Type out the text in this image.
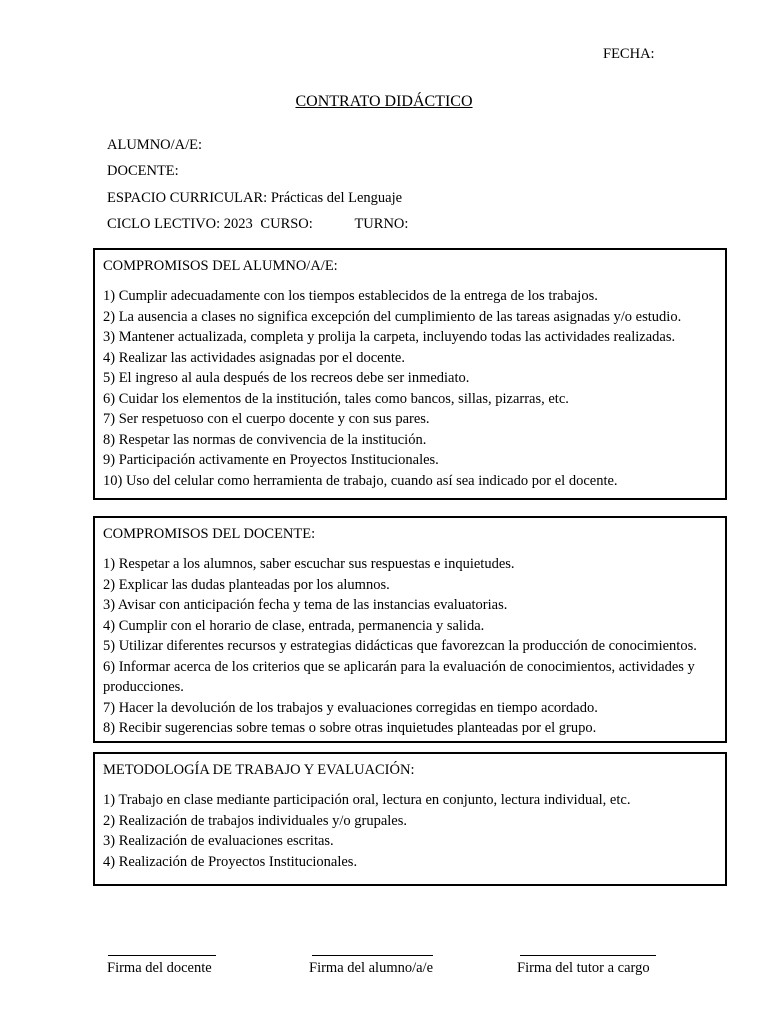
FECHA:
CONTRATO DIDÁCTICO
ALUMNO/A/E:
DOCENTE:
ESPACIO CURRICULAR: Prácticas del Lenguaje
CICLO LECTIVO: 2023 CURSO:	TURNO:
COMPROMISOS DEL ALUMNO/A/E:
1) Cumplir adecuadamente con los tiempos establecidos de la entrega de los trabajos.
2) La ausencia a clases no significa excepción del cumplimiento de las tareas asignadas y/o estudio.
3) Mantener actualizada, completa y prolija la carpeta, incluyendo todas las actividades realizadas.
4) Realizar las actividades asignadas por el docente.
5) El ingreso al aula después de los recreos debe ser inmediato.
6) Cuidar los elementos de la institución, tales como bancos, sillas, pizarras, etc.
7) Ser respetuoso con el cuerpo docente y con sus pares.
8) Respetar las normas de convivencia de la institución.
9) Participación activamente en Proyectos Institucionales.
10) Uso del celular como herramienta de trabajo, cuando así sea indicado por el docente.
COMPROMISOS DEL DOCENTE:
1) Respetar a los alumnos, saber escuchar sus respuestas e inquietudes.
2) Explicar las dudas planteadas por los alumnos.
3) Avisar con anticipación fecha y tema de las instancias evaluatorias.
4) Cumplir con el horario de clase, entrada, permanencia y salida.
5) Utilizar diferentes recursos y estrategias didácticas que favorezcan la producción de conocimientos.
6) Informar acerca de los criterios que se aplicarán para la evaluación de conocimientos, actividades y
producciones.
7) Hacer la devolución de los trabajos y evaluaciones corregidas en tiempo acordado.
8) Recibir sugerencias sobre temas o sobre otras inquietudes planteadas por el grupo.
METODOLOGÍA DE TRABAJO Y EVALUACIÓN:
1) Trabajo en clase mediante participación oral, lectura en conjunto, lectura individual, etc.
2) Realización de trabajos individuales y/o grupales.
3) Realización de evaluaciones escritas.
4) Realización de Proyectos Institucionales.
Firma del docente	Firma del alumno/a/e	Firma del tutor a cargo
